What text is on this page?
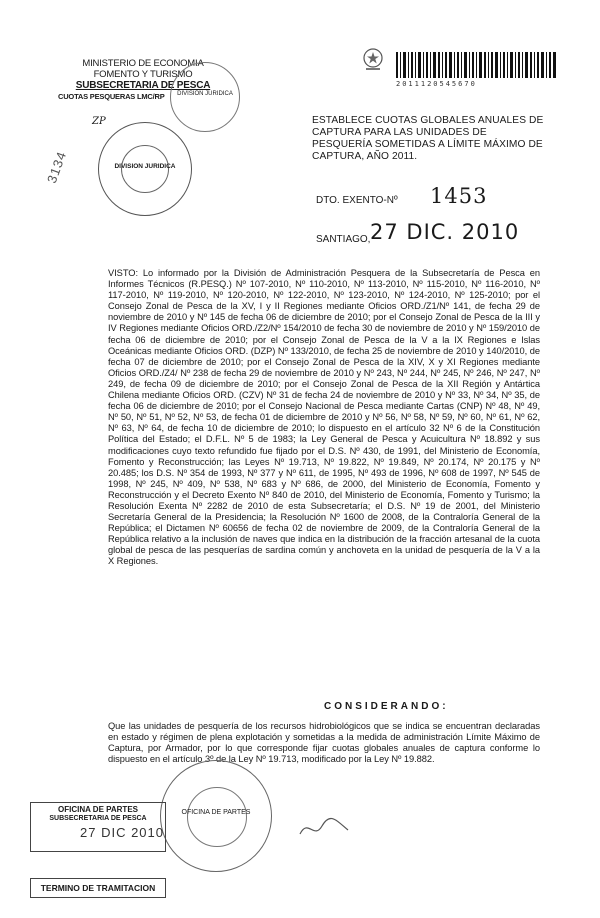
MINISTERIO DE ECONOMIA
FOMENTO Y TURISMO
SUBSECRETARIA DE PESCA
CUOTAS PESQUERAS LMC/RP
ZP
DIVISION JURIDICA
DIVISION JURIDICA
3134
2011120545670
ESTABLECE CUOTAS GLOBALES ANUALES DE CAPTURA PARA LAS UNIDADES DE PESQUERÍA SOMETIDAS A LÍMITE MÁXIMO DE CAPTURA, AÑO 2011.
DTO. EXENTO-Nº 1453
SANTIAGO, 27 DIC. 2010
VISTO: Lo informado por la División de Administración Pesquera de la Subsecretaría de Pesca en Informes Técnicos (R.PESQ.) Nº 107-2010, Nº 110-2010, Nº 113-2010, Nº 115-2010, Nº 116-2010, Nº 117-2010, Nº 119-2010, Nº 120-2010, Nº 122-2010, Nº 123-2010, Nº 124-2010, Nº 125-2010; por el Consejo Zonal de Pesca de la XV, I y II Regiones mediante Oficios ORD./Z1/Nº 141, de fecha 29 de noviembre de 2010 y Nº 145 de fecha 06 de diciembre de 2010; por el Consejo Zonal de Pesca de la III y IV Regiones mediante Oficios ORD./Z2/Nº 154/2010 de fecha 30 de noviembre de 2010 y Nº 159/2010 de fecha 06 de diciembre de 2010; por el Consejo Zonal de Pesca de la V a la IX Regiones e Islas Oceánicas mediante Oficios ORD. (DZP) Nº 133/2010, de fecha 25 de noviembre de 2010 y 140/2010, de fecha 07 de diciembre de 2010; por el Consejo Zonal de Pesca de la XIV, X y XI Regiones mediante Oficios ORD./Z4/ Nº 238 de fecha 29 de noviembre de 2010 y Nº 243, Nº 244, Nº 245, Nº 246, Nº 247, Nº 249, de fecha 09 de diciembre de 2010; por el Consejo Zonal de Pesca de la XII Región y Antártica Chilena mediante Oficios ORD. (CZV) Nº 31 de fecha 24 de noviembre de 2010 y Nº 33, Nº 34, Nº 35, de fecha 06 de diciembre de 2010; por el Consejo Nacional de Pesca mediante Cartas (CNP) Nº 48, Nº 49, Nº 50, Nº 51, Nº 52, Nº 53, de fecha 01 de diciembre de 2010 y Nº 56, Nº 58, Nº 59, Nº 60, Nº 61, Nº 62, Nº 63, Nº 64, de fecha 10 de diciembre de 2010; lo dispuesto en el artículo 32 Nº 6 de la Constitución Política del Estado; el D.F.L. Nº 5 de 1983; la Ley General de Pesca y Acuicultura Nº 18.892 y sus modificaciones cuyo texto refundido fue fijado por el D.S. Nº 430, de 1991, del Ministerio de Economía, Fomento y Reconstrucción; las Leyes Nº 19.713, Nº 19.822, Nº 19.849, Nº 20.174, Nº 20.175 y Nº 20.485; los D.S. Nº 354 de 1993, Nº 377 y Nº 611, de 1995, Nº 493 de 1996, Nº 608 de 1997, Nº 545 de 1998, Nº 245, Nº 409, Nº 538, Nº 683 y Nº 686, de 2000, del Ministerio de Economía, Fomento y Reconstrucción y el Decreto Exento Nº 840 de 2010, del Ministerio de Economía, Fomento y Turismo; la Resolución Exenta Nº 2282 de 2010 de esta Subsecretaría; el D.S. Nº 19 de 2001, del Ministerio Secretaría General de la Presidencia; la Resolución Nº 1600 de 2008, de la Contraloría General de la República; el Dictamen Nº 60656 de fecha 02 de noviembre de 2009, de la Contraloría General de la República relativo a la inclusión de naves que indica en la distribución de la fracción artesanal de la cuota global de pesca de las pesquerías de sardina común y anchoveta en la unidad de pesquería de la V a la X Regiones.
CONSIDERANDO:
Que las unidades de pesquería de los recursos hidrobiológicos que se indica se encuentran declaradas en estado y régimen de plena explotación y sometidas a la medida de administración Límite Máximo de Captura, por Armador, por lo que corresponde fijar cuotas globales anuales de captura conforme lo dispuesto en el artículo 3º de la Ley Nº 19.713, modificado por la Ley Nº 19.882.
OFICINA DE PARTES
OFICINA DE PARTES
SUBSECRETARIA DE PESCA
27 DIC 2010
TERMINO DE TRAMITACION
